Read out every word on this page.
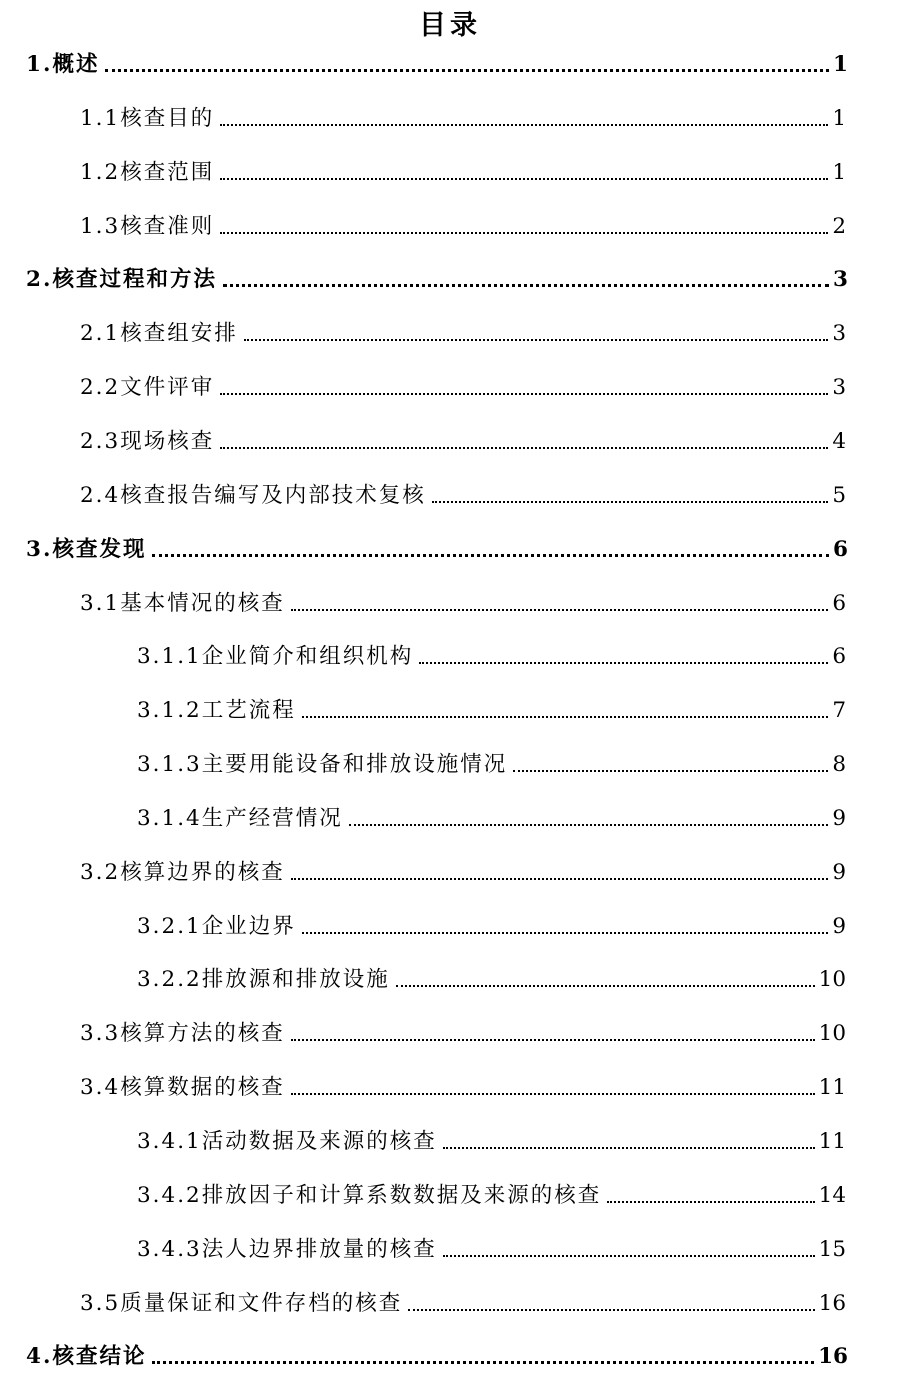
目录
1.概述	1
1.1核查目的	1
1.2核查范围	1
1.3核查准则	2
2.核查过程和方法	3
2.1核查组安排	3
2.2文件评审	3
2.3现场核查	4
2.4核查报告编写及内部技术复核	5
3.核查发现	6
3.1基本情况的核查	6
3.1.1企业简介和组织机构	6
3.1.2工艺流程	7
3.1.3主要用能设备和排放设施情况	8
3.1.4生产经营情况	9
3.2核算边界的核查	9
3.2.1企业边界	9
3.2.2排放源和排放设施	10
3.3核算方法的核查	10
3.4核算数据的核查	11
3.4.1活动数据及来源的核查	11
3.4.2排放因子和计算系数数据及来源的核查	14
3.4.3法人边界排放量的核查	15
3.5质量保证和文件存档的核查	16
4.核查结论	16
